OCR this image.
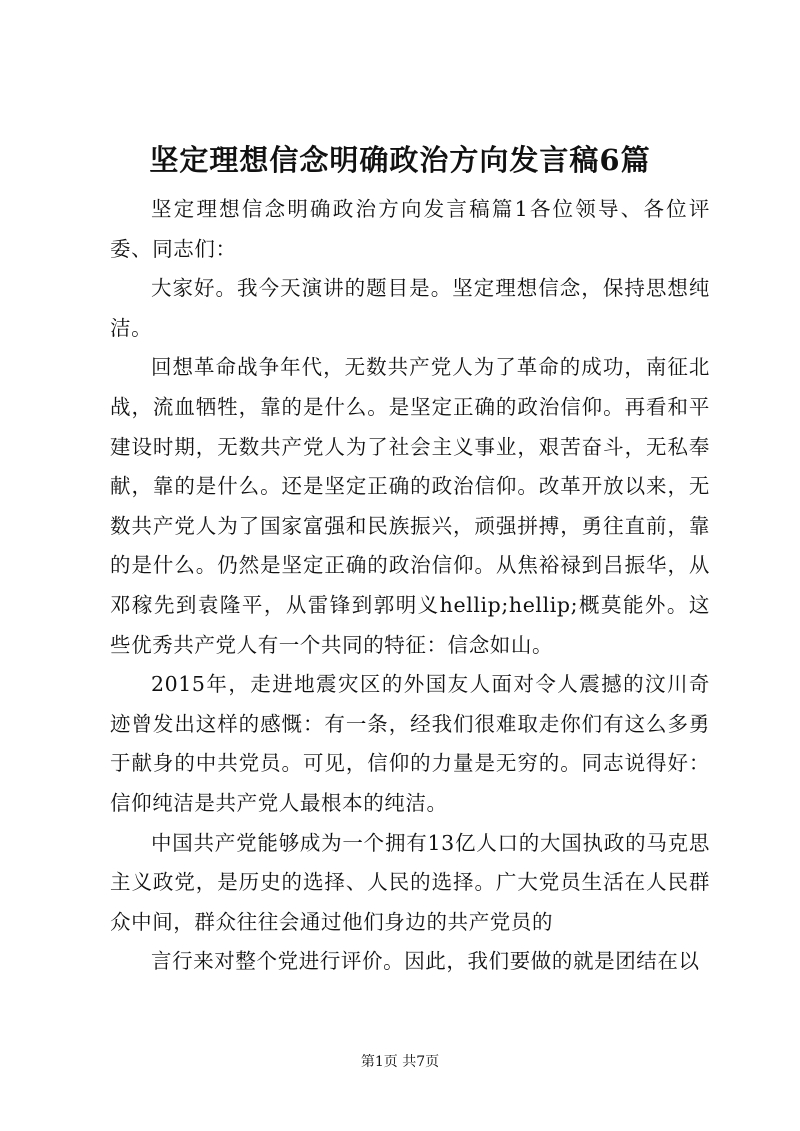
坚定理想信念明确政治方向发言稿6篇

坚定理想信念明确政治方向发言稿篇1各位领导、各位评委、同志们：

大家好。我今天演讲的题目是。坚定理想信念，保持思想纯洁。

回想革命战争年代，无数共产党人为了革命的成功，南征北战，流血牺牲，靠的是什么。是坚定正确的政治信仰。再看和平建设时期，无数共产党人为了社会主义事业，艰苦奋斗，无私奉献，靠的是什么。还是坚定正确的政治信仰。改革开放以来，无数共产党人为了国家富强和民族振兴，顽强拼搏，勇往直前，靠的是什么。仍然是坚定正确的政治信仰。从焦裕禄到吕振华，从邓稼先到袁隆平，从雷锋到郭明义hellip;hellip;概莫能外。这些优秀共产党人有一个共同的特征：信念如山。

2015年，走进地震灾区的外国友人面对令人震撼的汶川奇迹曾发出这样的感慨：有一条，经我们很难取走你们有这么多勇于献身的中共党员。可见，信仰的力量是无穷的。同志说得好：信仰纯洁是共产党人最根本的纯洁。

中国共产党能够成为一个拥有13亿人口的大国执政的马克思主义政党，是历史的选择、人民的选择。广大党员生活在人民群众中间，群众往往会通过他们身边的共产党员的

言行来对整个党进行评价。因此，我们要做的就是团结在以

第1页 共7页
